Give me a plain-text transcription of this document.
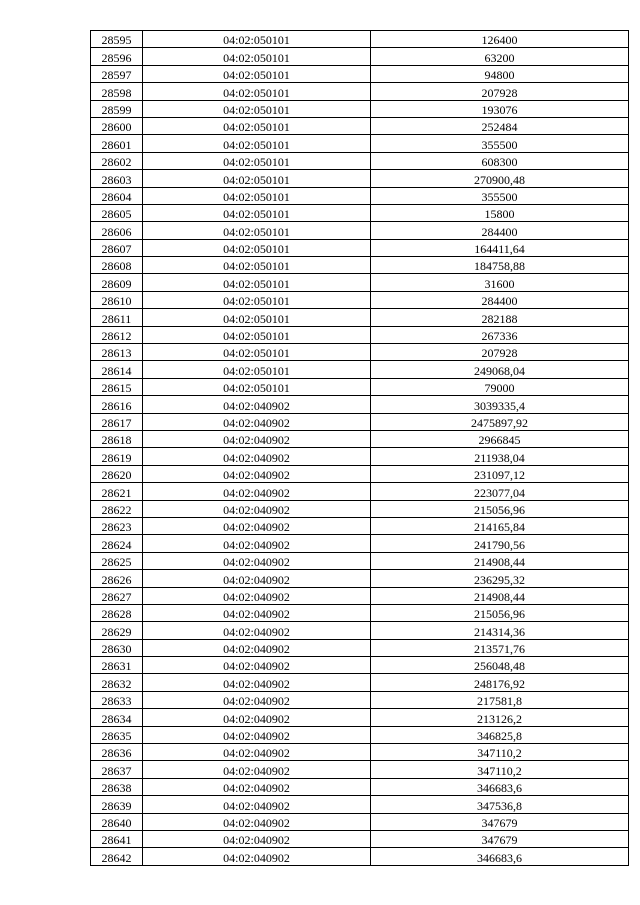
28595	04:02:050101	126400
28596	04:02:050101	63200
28597	04:02:050101	94800
28598	04:02:050101	207928
28599	04:02:050101	193076
28600	04:02:050101	252484
28601	04:02:050101	355500
28602	04:02:050101	608300
28603	04:02:050101	270900,48
28604	04:02:050101	355500
28605	04:02:050101	15800
28606	04:02:050101	284400
28607	04:02:050101	164411,64
28608	04:02:050101	184758,88
28609	04:02:050101	31600
28610	04:02:050101	284400
28611	04:02:050101	282188
28612	04:02:050101	267336
28613	04:02:050101	207928
28614	04:02:050101	249068,04
28615	04:02:050101	79000
28616	04:02:040902	3039335,4
28617	04:02:040902	2475897,92
28618	04:02:040902	2966845
28619	04:02:040902	211938,04
28620	04:02:040902	231097,12
28621	04:02:040902	223077,04
28622	04:02:040902	215056,96
28623	04:02:040902	214165,84
28624	04:02:040902	241790,56
28625	04:02:040902	214908,44
28626	04:02:040902	236295,32
28627	04:02:040902	214908,44
28628	04:02:040902	215056,96
28629	04:02:040902	214314,36
28630	04:02:040902	213571,76
28631	04:02:040902	256048,48
28632	04:02:040902	248176,92
28633	04:02:040902	217581,8
28634	04:02:040902	213126,2
28635	04:02:040902	346825,8
28636	04:02:040902	347110,2
28637	04:02:040902	347110,2
28638	04:02:040902	346683,6
28639	04:02:040902	347536,8
28640	04:02:040902	347679
28641	04:02:040902	347679
28642	04:02:040902	346683,6
